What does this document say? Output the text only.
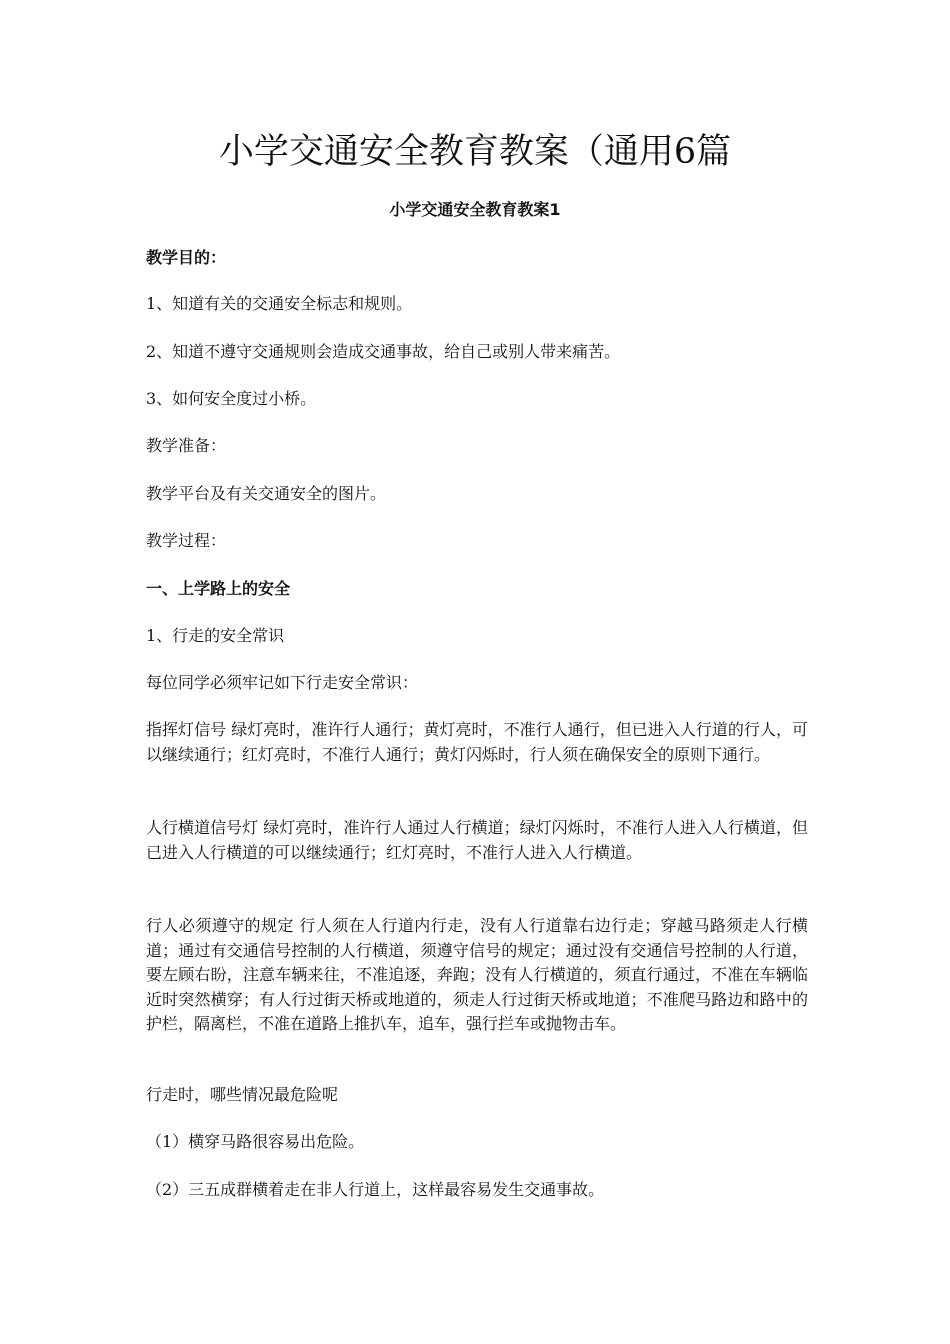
小学交通安全教育教案（通用6篇

小学交通安全教育教案1

教学目的：

1、知道有关的交通安全标志和规则。

2、知道不遵守交通规则会造成交通事故，给自己或别人带来痛苦。

3、如何安全度过小桥。

教学准备：

教学平台及有关交通安全的图片。

教学过程：

一、上学路上的安全

1、行走的安全常识

每位同学必须牢记如下行走安全常识：

指挥灯信号 绿灯亮时，准许行人通行；黄灯亮时，不准行人通行，但已进入人行道的行人，可以继续通行；红灯亮时，不准行人通行；黄灯闪烁时，行人须在确保安全的原则下通行。

人行横道信号灯 绿灯亮时，准许行人通过人行横道；绿灯闪烁时，不准行人进入人行横道，但已进入人行横道的可以继续通行；红灯亮时，不准行人进入人行横道。

行人必须遵守的规定 行人须在人行道内行走，没有人行道靠右边行走；穿越马路须走人行横道；通过有交通信号控制的人行横道，须遵守信号的规定；通过没有交通信号控制的人行道，要左顾右盼，注意车辆来往，不准追逐，奔跑；没有人行横道的，须直行通过，不准在车辆临近时突然横穿；有人行过街天桥或地道的，须走人行过街天桥或地道；不准爬马路边和路中的护栏，隔离栏，不准在道路上推扒车，追车，强行拦车或抛物击车。

行走时，哪些情况最危险呢

（1）横穿马路很容易出危险。

（2）三五成群横着走在非人行道上，这样最容易发生交通事故。
